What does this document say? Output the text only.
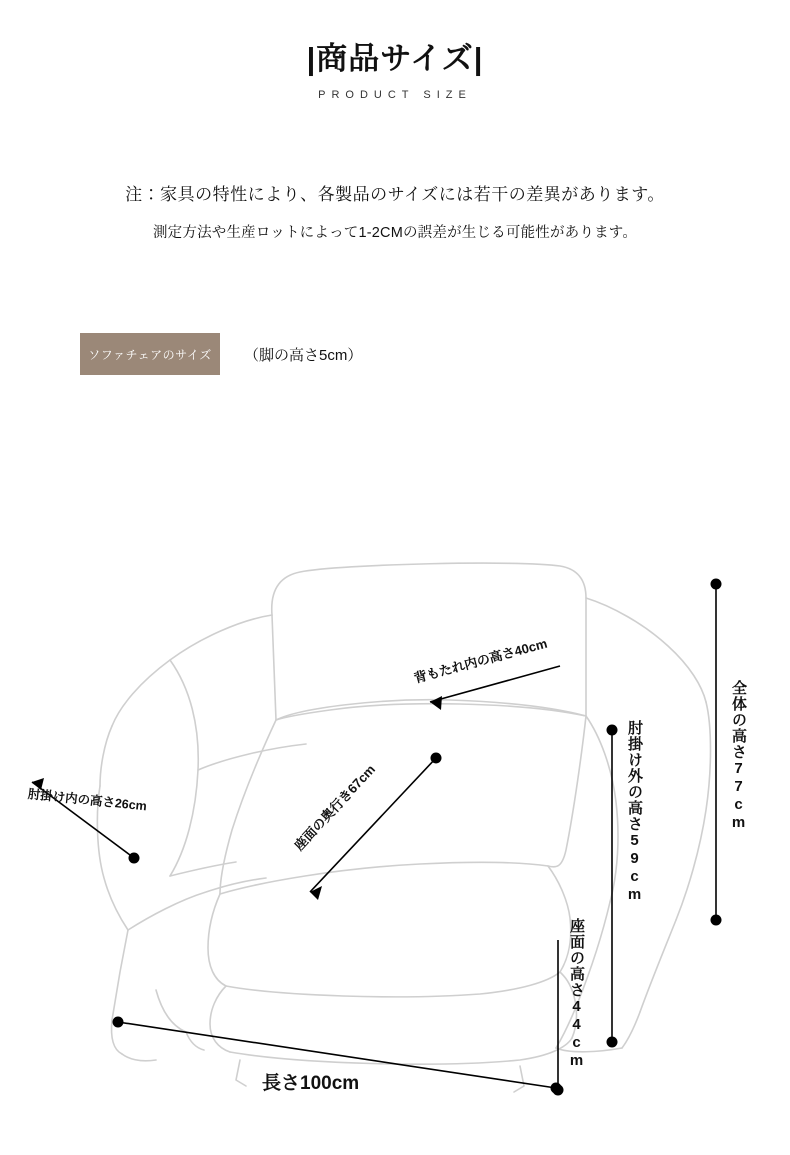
|商品サイズ|
PRODUCT SIZE
注：家具の特性により、各製品のサイズには若干の差異があります。
測定方法や生産ロットによって1-2CMの誤差が生じる可能性があります。
ソファチェアのサイズ	（脚の高さ5cm）
全体の高さ77cm
肘掛け外の高さ59cm
座面の高さ44cm
長さ100cm
背もたれ内の高さ40cm
座面の奥行き67cm
肘掛け内の高さ26cm
